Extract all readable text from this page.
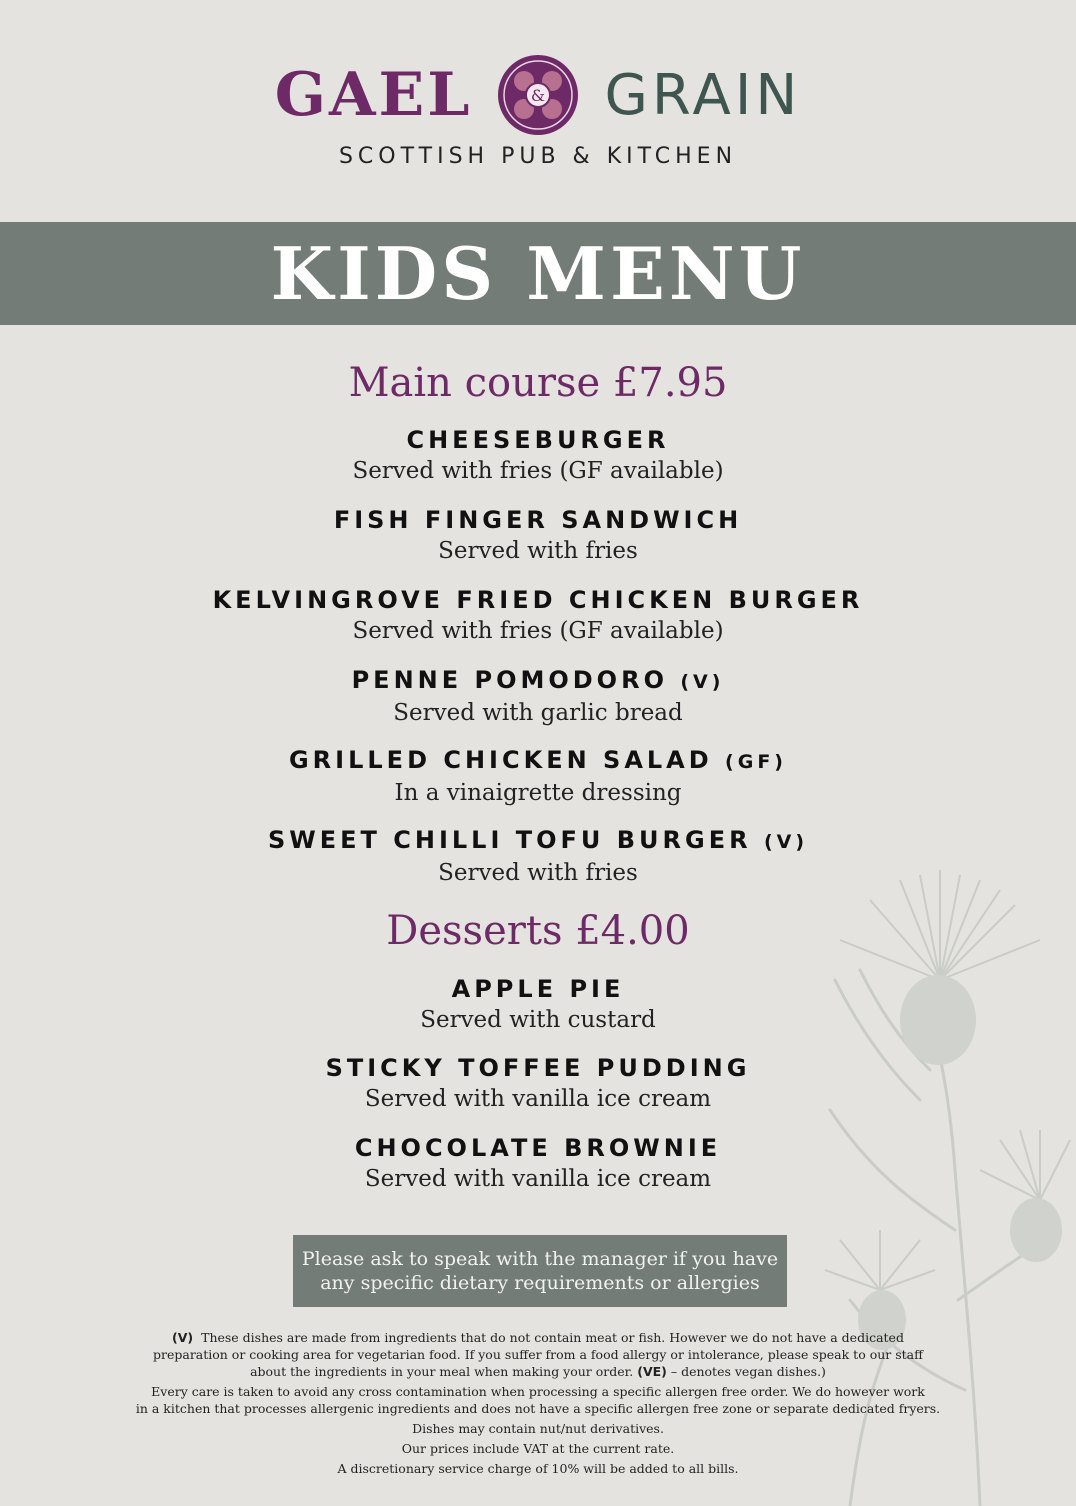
GAEL	& GRAIN
SCOTTISH PUB & KITCHEN
KIDS MENU
Main course £7.95
CHEESEBURGER
Served with fries (GF available)
FISH FINGER SANDWICH
Served with fries
KELVINGROVE FRIED CHICKEN BURGER
Served with fries (GF available)
PENNE POMODORO (V)
Served with garlic bread
GRILLED CHICKEN SALAD (GF)
In a vinaigrette dressing
SWEET CHILLI TOFU BURGER (V)
Served with fries
Desserts £4.00
APPLE PIE
Served with custard
STICKY TOFFEE PUDDING
Served with vanilla ice cream
CHOCOLATE BROWNIE
Served with vanilla ice cream
Please ask to speak with the manager if you have
any specific dietary requirements or allergies

(V) These dishes are made from ingredients that do not contain meat or fish. However we do not have a dedicated

preparation or cooking area for vegetarian food. If you suffer from a food allergy or intolerance, please speak to our staff

about the ingredients in your meal when making your order. (VE) – denotes vegan dishes.)

Every care is taken to avoid any cross contamination when processing a specific allergen free order. We do however work

in a kitchen that processes allergenic ingredients and does not have a specific allergen free zone or separate dedicated fryers.

Dishes may contain nut/nut derivatives.

Our prices include VAT at the current rate.

A discretionary service charge of 10% will be added to all bills.
